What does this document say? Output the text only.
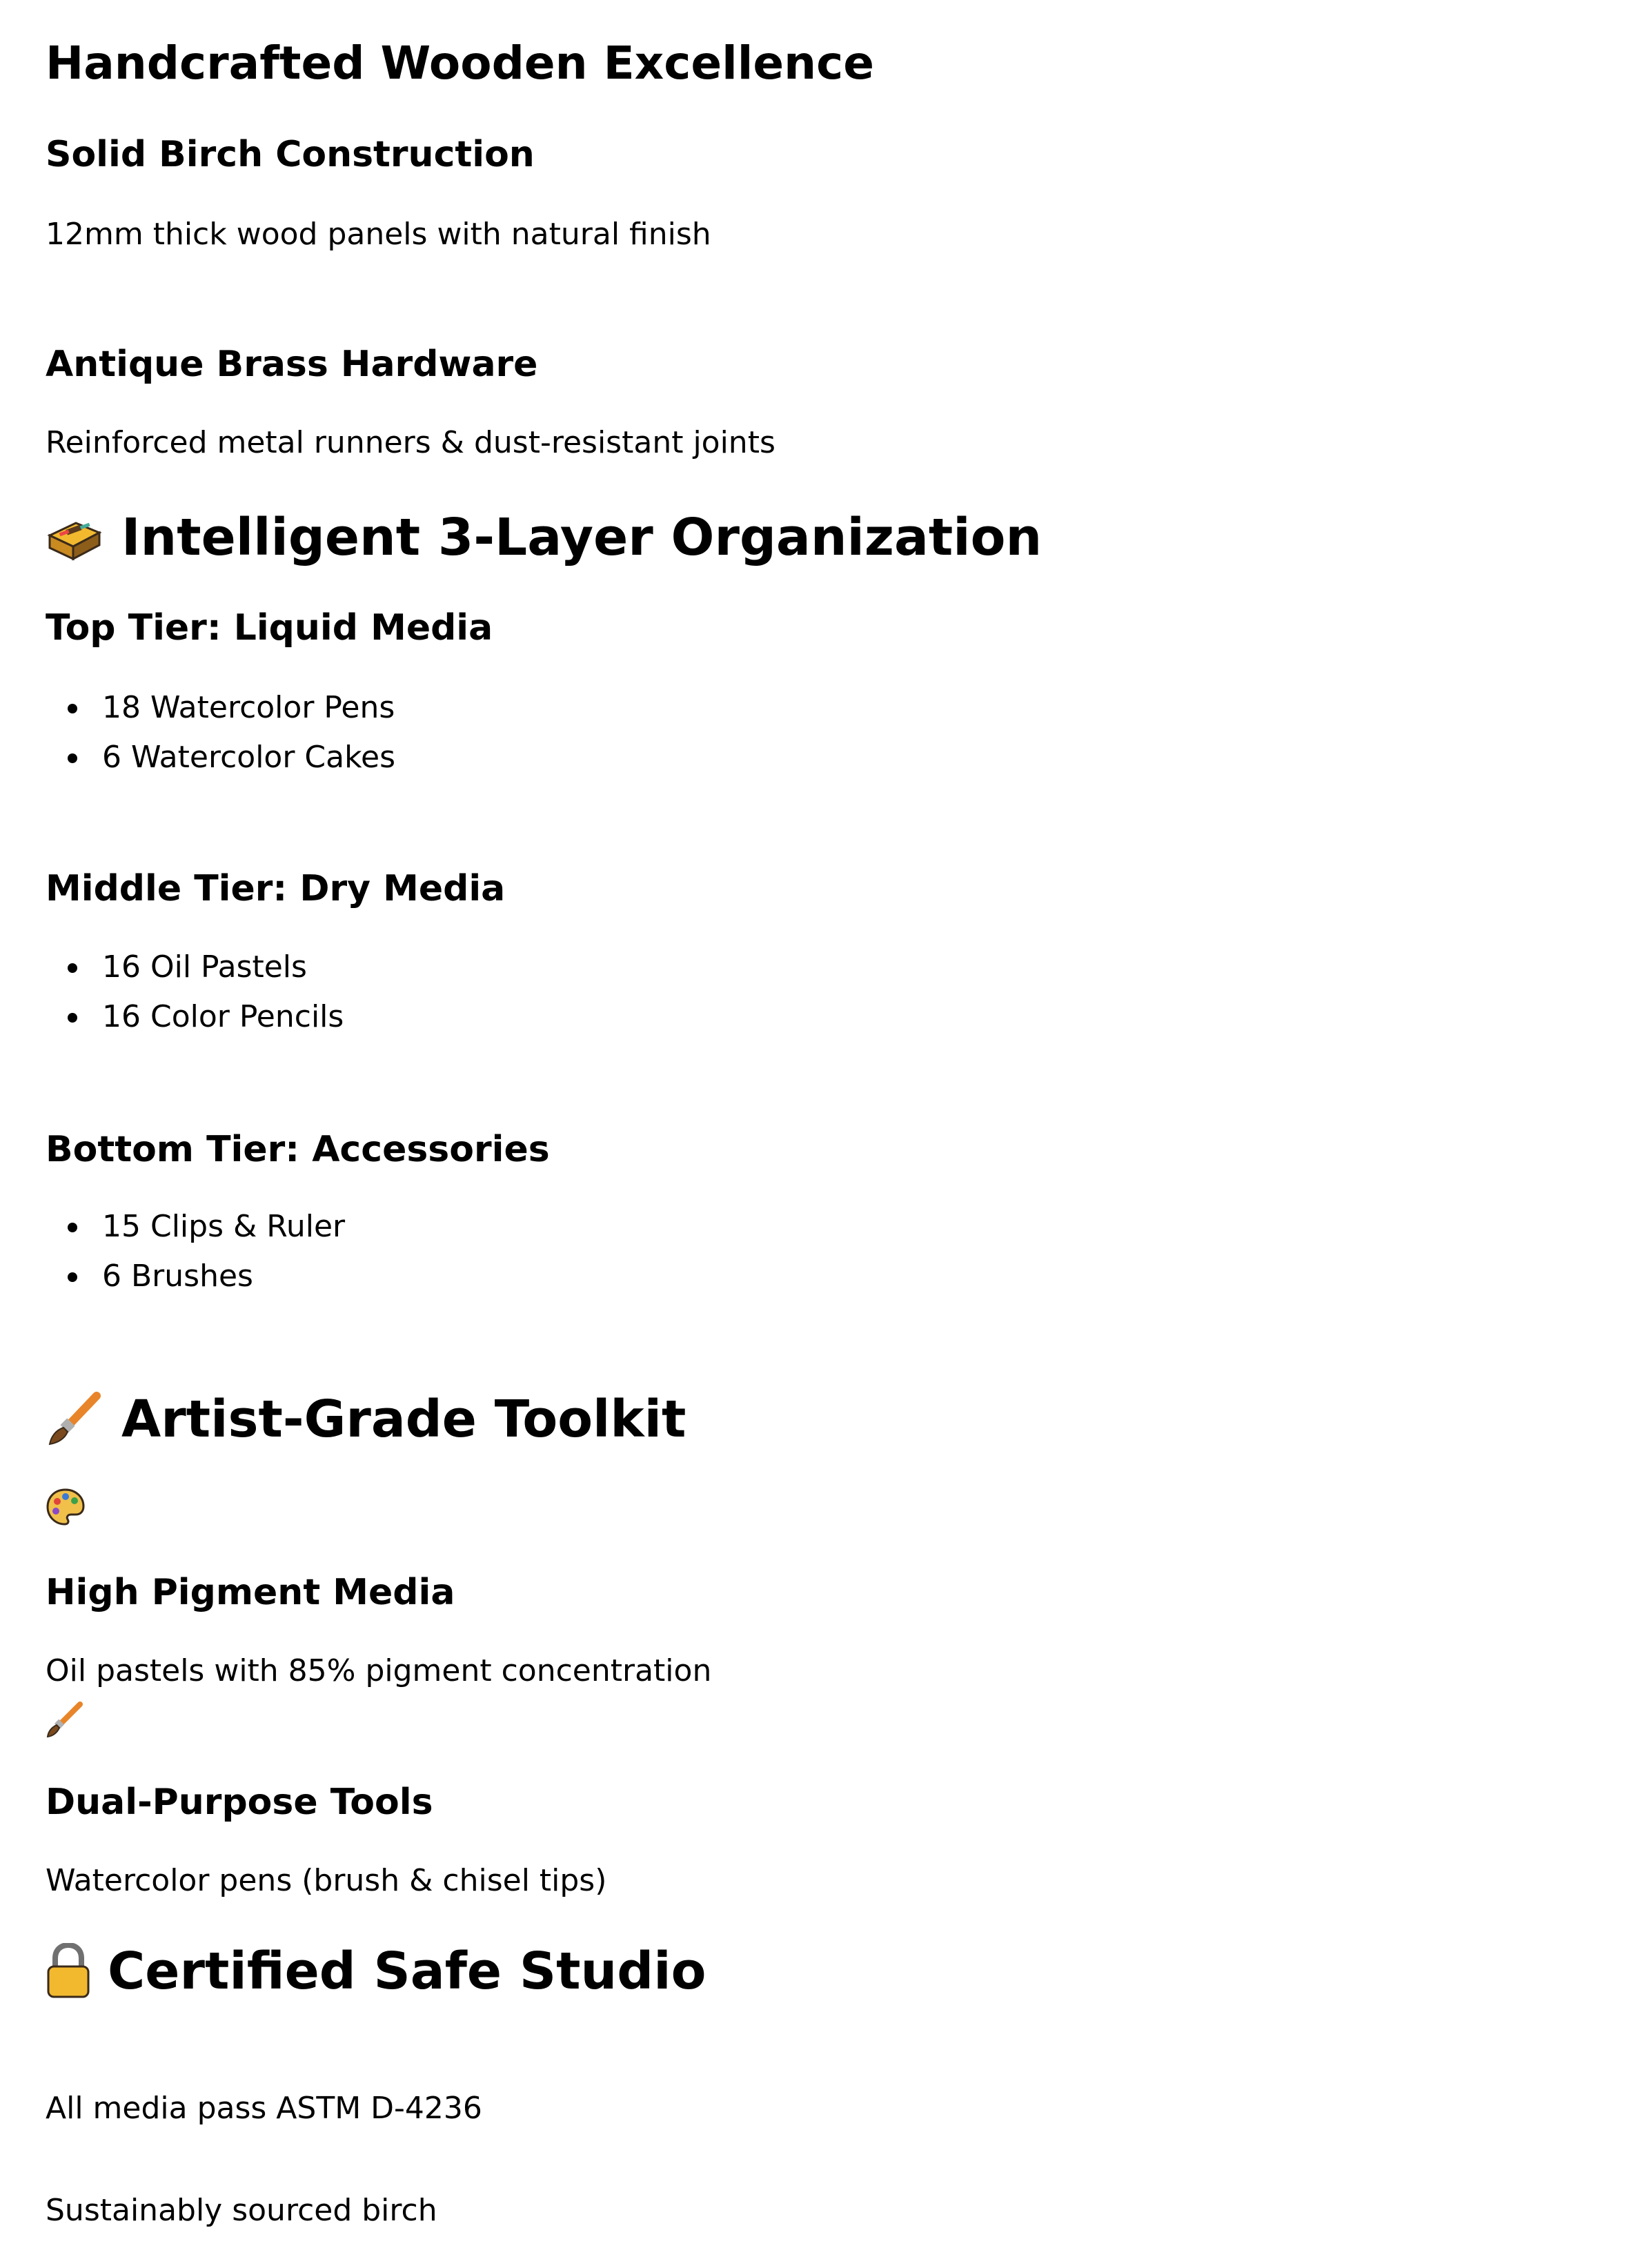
Handcrafted Wooden Excellence
Solid Birch Construction
12mm thick wood panels with natural finish
Antique Brass Hardware
Reinforced metal runners & dust-resistant joints
Intelligent 3-Layer Organization
Top Tier: Liquid Media
18 Watercolor Pens
6 Watercolor Cakes
Middle Tier: Dry Media
16 Oil Pastels
16 Color Pencils
Bottom Tier: Accessories
15 Clips & Ruler
6 Brushes
Artist-Grade Toolkit
High Pigment Media
Oil pastels with 85% pigment concentration
Dual-Purpose Tools
Watercolor pens (brush & chisel tips)
Certified Safe Studio
All media pass ASTM D-4236
Sustainably sourced birch
